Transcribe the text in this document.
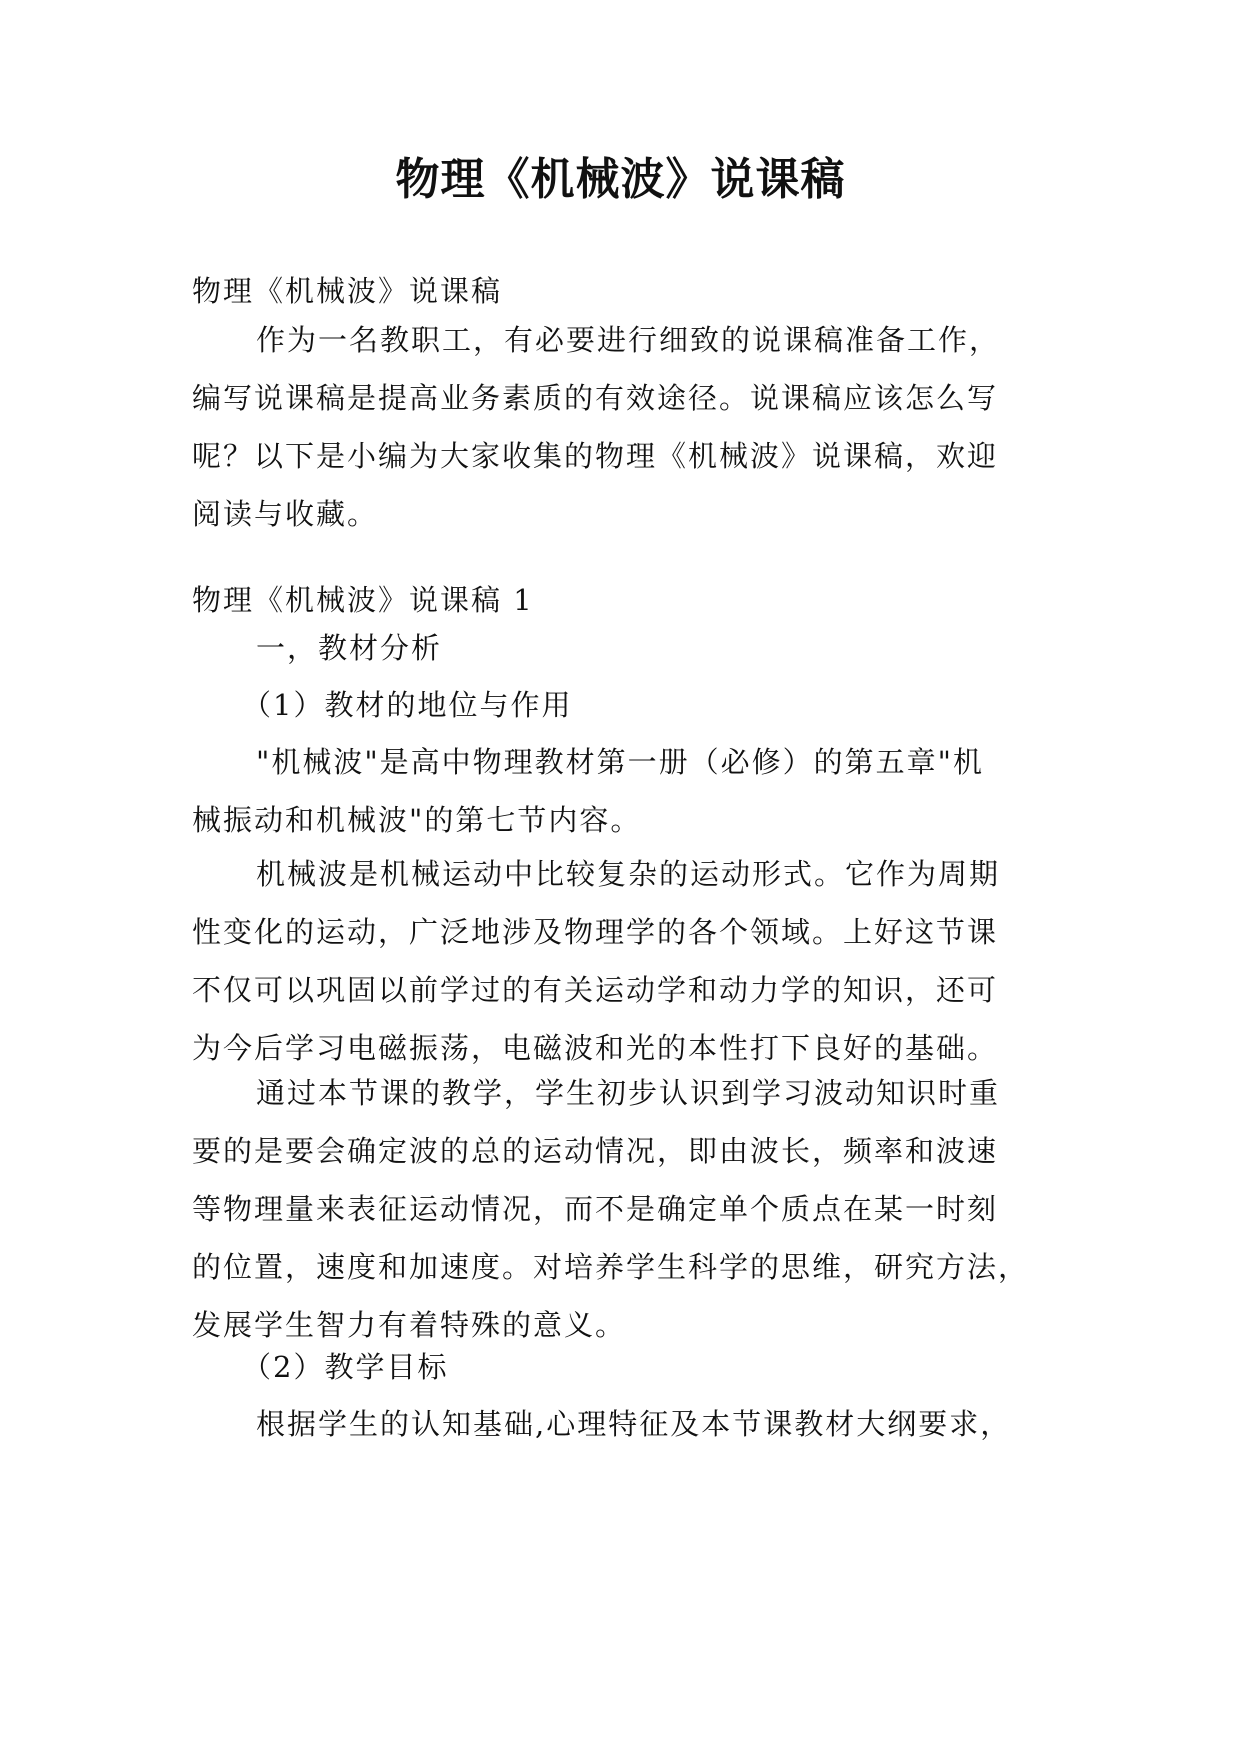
物理《机械波》说课稿
物理《机械波》说课稿
作为一名教职工，有必要进行细致的说课稿准备工作，
编写说课稿是提高业务素质的有效途径。说课稿应该怎么写
呢？以下是小编为大家收集的物理《机械波》说课稿，欢迎
阅读与收藏。
物理《机械波》说课稿 1
一，教材分析
（1）教材的地位与作用
"机械波"是高中物理教材第一册（必修）的第五章"机
械振动和机械波"的第七节内容。
机械波是机械运动中比较复杂的运动形式。它作为周期
性变化的运动，广泛地涉及物理学的各个领域。上好这节课
不仅可以巩固以前学过的有关运动学和动力学的知识，还可
为今后学习电磁振荡，电磁波和光的本性打下良好的基础。
通过本节课的教学，学生初步认识到学习波动知识时重
要的是要会确定波的总的运动情况，即由波长，频率和波速
等物理量来表征运动情况，而不是确定单个质点在某一时刻
的位置，速度和加速度。对培养学生科学的思维，研究方法，
发展学生智力有着特殊的意义。
（2）教学目标
根据学生的认知基础,心理特征及本节课教材大纲要求，
